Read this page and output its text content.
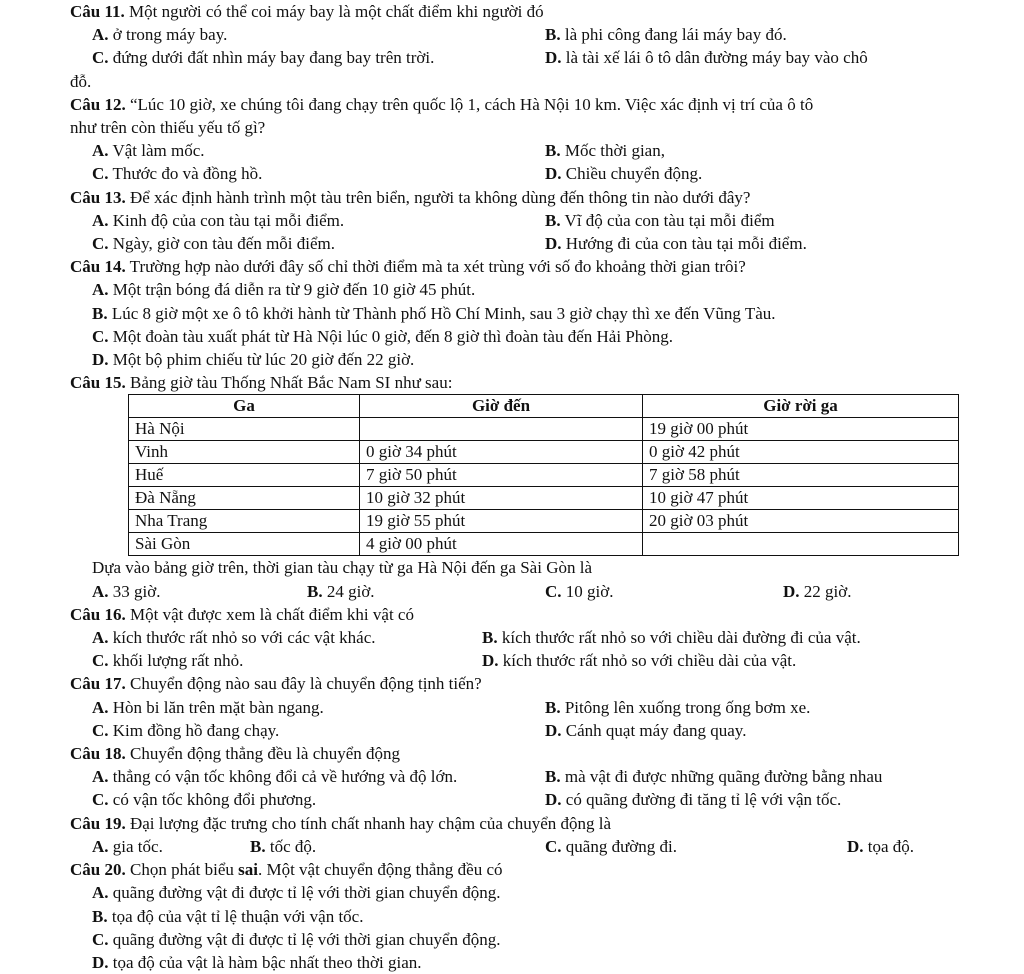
Câu 11. Một người có thể coi máy bay là một chất điểm khi người đó
A. ở trong máy bay.	B. là phi công đang lái máy bay đó.
C. đứng dưới đất nhìn máy bay đang bay trên trời.	D. là tài xế lái ô tô dân đường máy bay vào chô
đỗ.
Câu 12. “Lúc 10 giờ, xe chúng tôi đang chạy trên quốc lộ 1, cách Hà Nội 10 km. Việc xác định vị trí của ô tô
như trên còn thiếu yếu tố gì?
A. Vật làm mốc.	B. Mốc thời gian,
C. Thước đo và đồng hồ.	D. Chiều chuyển động.
Câu 13. Để xác định hành trình một tàu trên biển, người ta không dùng đến thông tin nào dưới đây?
A. Kinh độ của con tàu tại mỗi điểm.	B. Vĩ độ của con tàu tại mỗi điểm
C. Ngày, giờ con tàu đến mỗi điểm.	D. Hướng đi của con tàu tại mỗi điểm.
Câu 14. Trường hợp nào dưới đây số chỉ thời điểm mà ta xét trùng với số đo khoảng thời gian trôi?
A. Một trận bóng đá diễn ra từ 9 giờ đến 10 giờ 45 phút.
B. Lúc 8 giờ một xe ô tô khởi hành từ Thành phố Hồ Chí Minh, sau 3 giờ chạy thì xe đến Vũng Tàu.
C. Một đoàn tàu xuất phát từ Hà Nội lúc 0 giờ, đến 8 giờ thì đoàn tàu đến Hải Phòng.
D. Một bộ phim chiếu từ lúc 20 giờ đến 22 giờ.
Câu 15. Bảng giờ tàu Thống Nhất Bắc Nam SI như sau:
Ga	Giờ đến	Giờ rời ga
Hà Nội		19 giờ 00 phút
Vinh	0 giờ 34 phút	0 giờ 42 phút
Huế	7 giờ 50 phút	7 giờ 58 phút
Đà Nẵng	10 giờ 32 phút	10 giờ 47 phút
Nha Trang	19 giờ 55 phút	20 giờ 03 phút
Sài Gòn	4 giờ 00 phút	
Dựa vào bảng giờ trên, thời gian tàu chạy từ ga Hà Nội đến ga Sài Gòn là
A. 33 giờ.	B. 24 giờ.	C. 10 giờ.	D. 22 giờ.
Câu 16. Một vật được xem là chất điểm khi vật có
A. kích thước rất nhỏ so với các vật khác.	B. kích thước rất nhỏ so với chiều dài đường đi của vật.
C. khối lượng rất nhỏ.	D. kích thước rất nhỏ so với chiều dài của vật.
Câu 17. Chuyển động nào sau đây là chuyển động tịnh tiến?
A. Hòn bi lăn trên mặt bàn ngang.	B. Pitông lên xuống trong ống bơm xe.
C. Kim đồng hồ đang chạy.	D. Cánh quạt máy đang quay.
Câu 18. Chuyển động thẳng đều là chuyển động
A. thẳng có vận tốc không đổi cả về hướng và độ lớn.	B. mà vật đi được những quãng đường bằng nhau
C. có vận tốc không đổi phương.	D. có quãng đường đi tăng tỉ lệ với vận tốc.
Câu 19. Đại lượng đặc trưng cho tính chất nhanh hay chậm của chuyển động là
A. gia tốc.	B. tốc độ.	C. quãng đường đi.	D. tọa độ.
Câu 20. Chọn phát biểu sai. Một vật chuyển động thẳng đều có
A. quãng đường vật đi được tỉ lệ với thời gian chuyển động.
B. tọa độ của vật tỉ lệ thuận với vận tốc.
C. quãng đường vật đi được tỉ lệ với thời gian chuyển động.
D. tọa độ của vật là hàm bậc nhất theo thời gian.
